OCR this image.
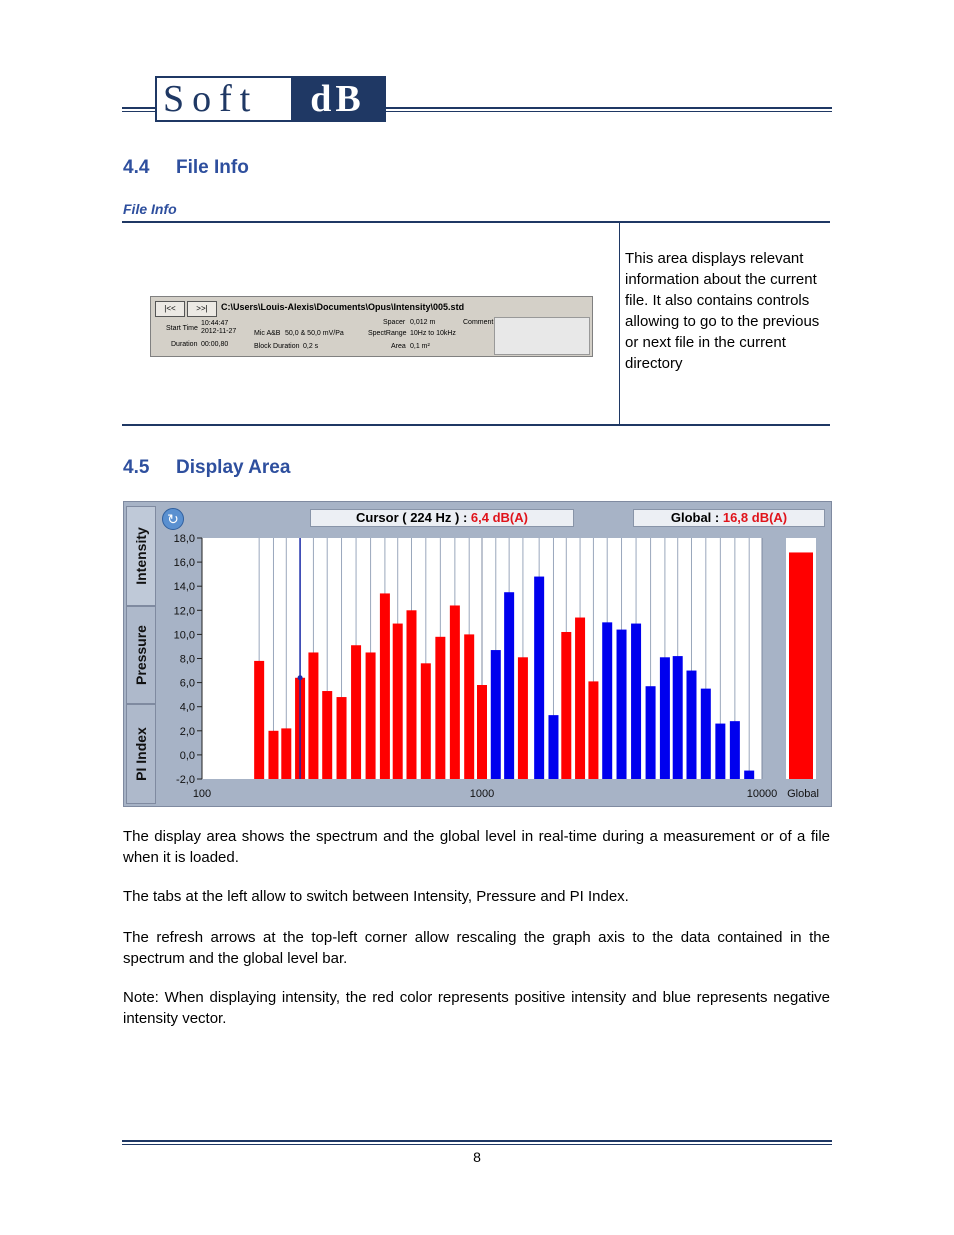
Soft	dB
4.4 File Info
File Info
This area displays relevant information about the current file. It also contains controls allowing to go to the previous or next file in the current directory
|<<	>>|	C:\Users\Louis-Alexis\Documents\Opus\Intensity\005.std
Start Time
10:44:47
2012-11-27
Duration 00:00,80
Mic A&B 50,0 & 50,0 mV/Pa
Block Duration 0,2 s
Spacer 0,012 m
SpectRange 10Hz to 10kHz
Area 0,1 m²
Comment
4.5 Display Area
Intensity
Pressure
PI Index
↻	Cursor ( 224 Hz ) : 6,4 dB(A)	Global : 16,8 dB(A)
18,0
16,0
14,0
12,0
10,0
8,0
6,0
4,0
2,0
0,0
-2,0
100	1000	10000 Global
The display area shows the spectrum and the global level in real-time during a measurement or of a file when it is loaded.
The tabs at the left allow to switch between Intensity, Pressure and PI Index.
The refresh arrows at the top-left corner allow rescaling the graph axis to the data contained in the spectrum and the global level bar.
Note: When displaying intensity, the red color represents positive intensity and blue represents negative intensity vector.
8
